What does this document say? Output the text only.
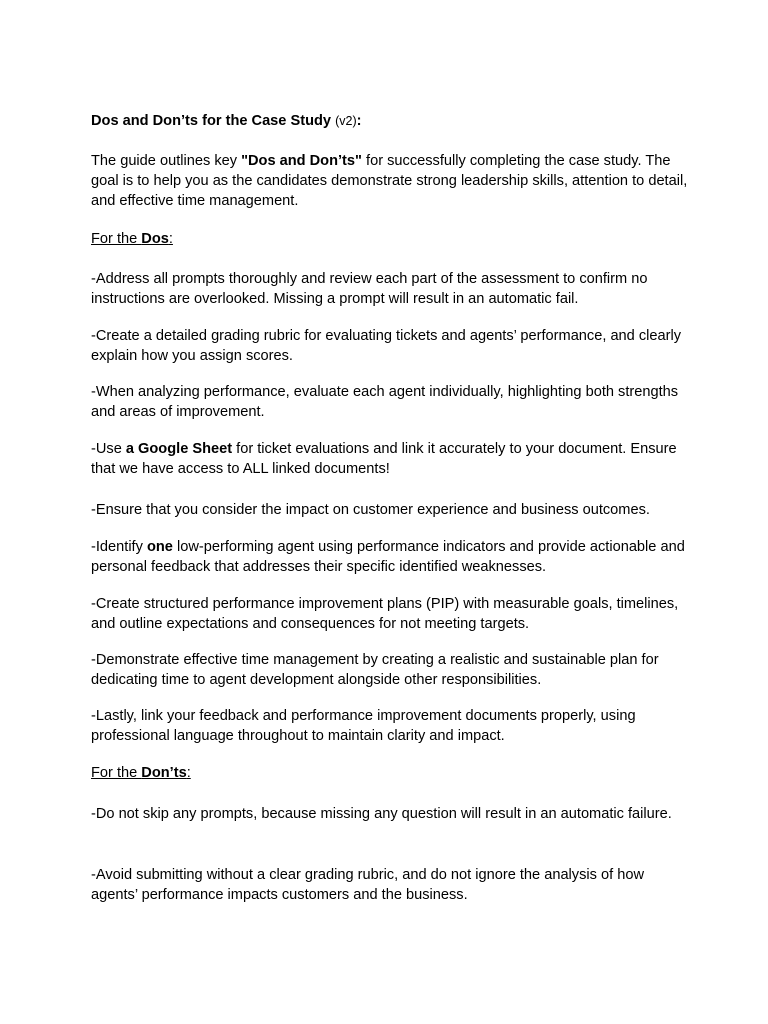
Dos and Don’ts for the Case Study (v2):

The guide outlines key "Dos and Don’ts" for successfully completing the case study. The goal is to help you as the candidates demonstrate strong leadership skills, attention to detail, and effective time management.

For the Dos:

-Address all prompts thoroughly and review each part of the assessment to confirm no instructions are overlooked. Missing a prompt will result in an automatic fail.

-Create a detailed grading rubric for evaluating tickets and agents’ performance, and clearly explain how you assign scores.

-When analyzing performance, evaluate each agent individually, highlighting both strengths and areas of improvement.

-Use a Google Sheet for ticket evaluations and link it accurately to your document. Ensure that we have access to ALL linked documents!

-Ensure that you consider the impact on customer experience and business outcomes.

-Identify one low-performing agent using performance indicators and provide actionable and personal feedback that addresses their specific identified weaknesses.

-Create structured performance improvement plans (PIP) with measurable goals, timelines, and outline expectations and consequences for not meeting targets.

-Demonstrate effective time management by creating a realistic and sustainable plan for dedicating time to agent development alongside other responsibilities.

-Lastly, link your feedback and performance improvement documents properly, using professional language throughout to maintain clarity and impact.

For the Don’ts:

-Do not skip any prompts, because missing any question will result in an automatic failure.

-Avoid submitting without a clear grading rubric, and do not ignore the analysis of how agents’ performance impacts customers and the business.
